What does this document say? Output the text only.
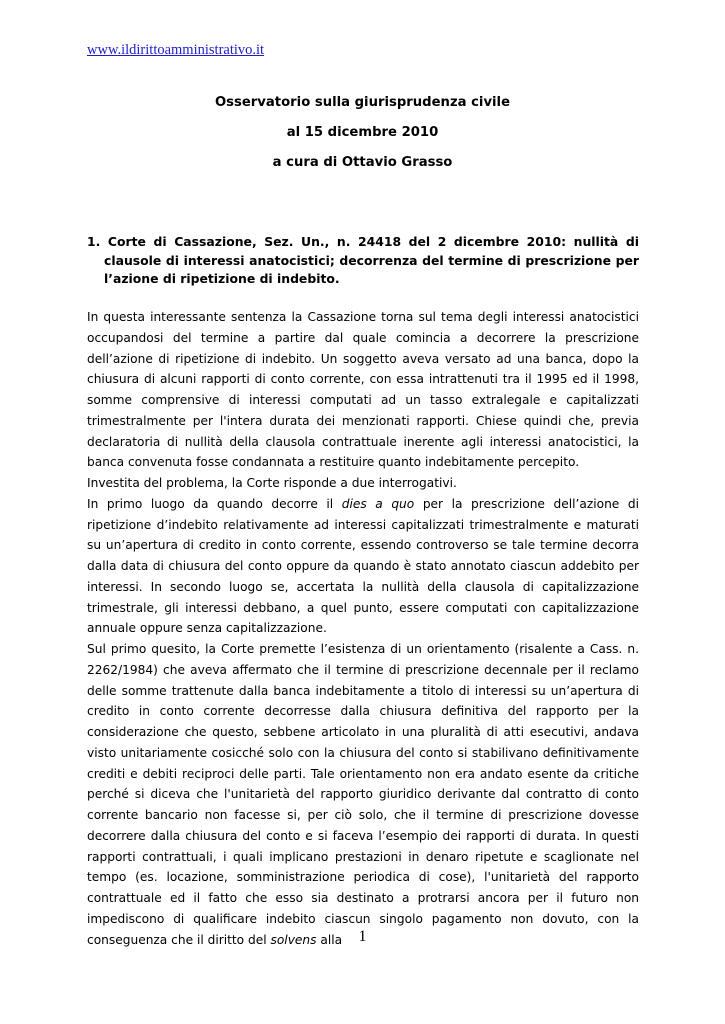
www.ildirittoamministrativo.it
Osservatorio sulla giurisprudenza civile
al 15 dicembre 2010
a cura di Ottavio Grasso
1. Corte di Cassazione, Sez. Un., n. 24418 del 2 dicembre 2010: nullità di clausole di interessi anatocistici; decorrenza del termine di prescrizione per l’azione di ripetizione di indebito.

In questa interessante sentenza la Cassazione torna sul tema degli interessi anatocistici occupandosi del termine a partire dal quale comincia a decorrere la prescrizione dell’azione di ripetizione di indebito. Un soggetto aveva versato ad una banca, dopo la chiusura di alcuni rapporti di conto corrente, con essa intrattenuti tra il 1995 ed il 1998, somme comprensive di interessi computati ad un tasso extralegale e capitalizzati trimestralmente per l'intera durata dei menzionati rapporti. Chiese quindi che, previa declaratoria di nullità della clausola contrattuale inerente agli interessi anatocistici, la banca convenuta fosse condannata a restituire quanto indebitamente percepito.

Investita del problema, la Corte risponde a due interrogativi.

In primo luogo da quando decorre il dies a quo per la prescrizione dell’azione di ripetizione d’indebito relativamente ad interessi capitalizzati trimestralmente e maturati su un’apertura di credito in conto corrente, essendo controverso se tale termine decorra dalla data di chiusura del conto oppure da quando è stato annotato ciascun addebito per interessi. In secondo luogo se, accertata la nullità della clausola di capitalizzazione trimestrale, gli interessi debbano, a quel punto, essere computati con capitalizzazione annuale oppure senza capitalizzazione.

Sul primo quesito, la Corte premette l’esistenza di un orientamento (risalente a Cass. n. 2262/1984) che aveva affermato che il termine di prescrizione decennale per il reclamo delle somme trattenute dalla banca indebitamente a titolo di interessi su un’apertura di credito in conto corrente decorresse dalla chiusura definitiva del rapporto per la considerazione che questo, sebbene articolato in una pluralità di atti esecutivi, andava visto unitariamente cosicché solo con la chiusura del conto si stabilivano definitivamente crediti e debiti reciproci delle parti. Tale orientamento non era andato esente da critiche perché si diceva che l'unitarietà del rapporto giuridico derivante dal contratto di conto corrente bancario non facesse si, per ciò solo, che il termine di prescrizione dovesse decorrere dalla chiusura del conto e si faceva l’esempio dei rapporti di durata. In questi rapporti contrattuali, i quali implicano prestazioni in denaro ripetute e scaglionate nel tempo (es. locazione, somministrazione periodica di cose), l'unitarietà del rapporto contrattuale ed il fatto che esso sia destinato a protrarsi ancora per il futuro non impediscono di qualificare indebito ciascun singolo pagamento non dovuto, con la conseguenza che il diritto del solvens alla	1
